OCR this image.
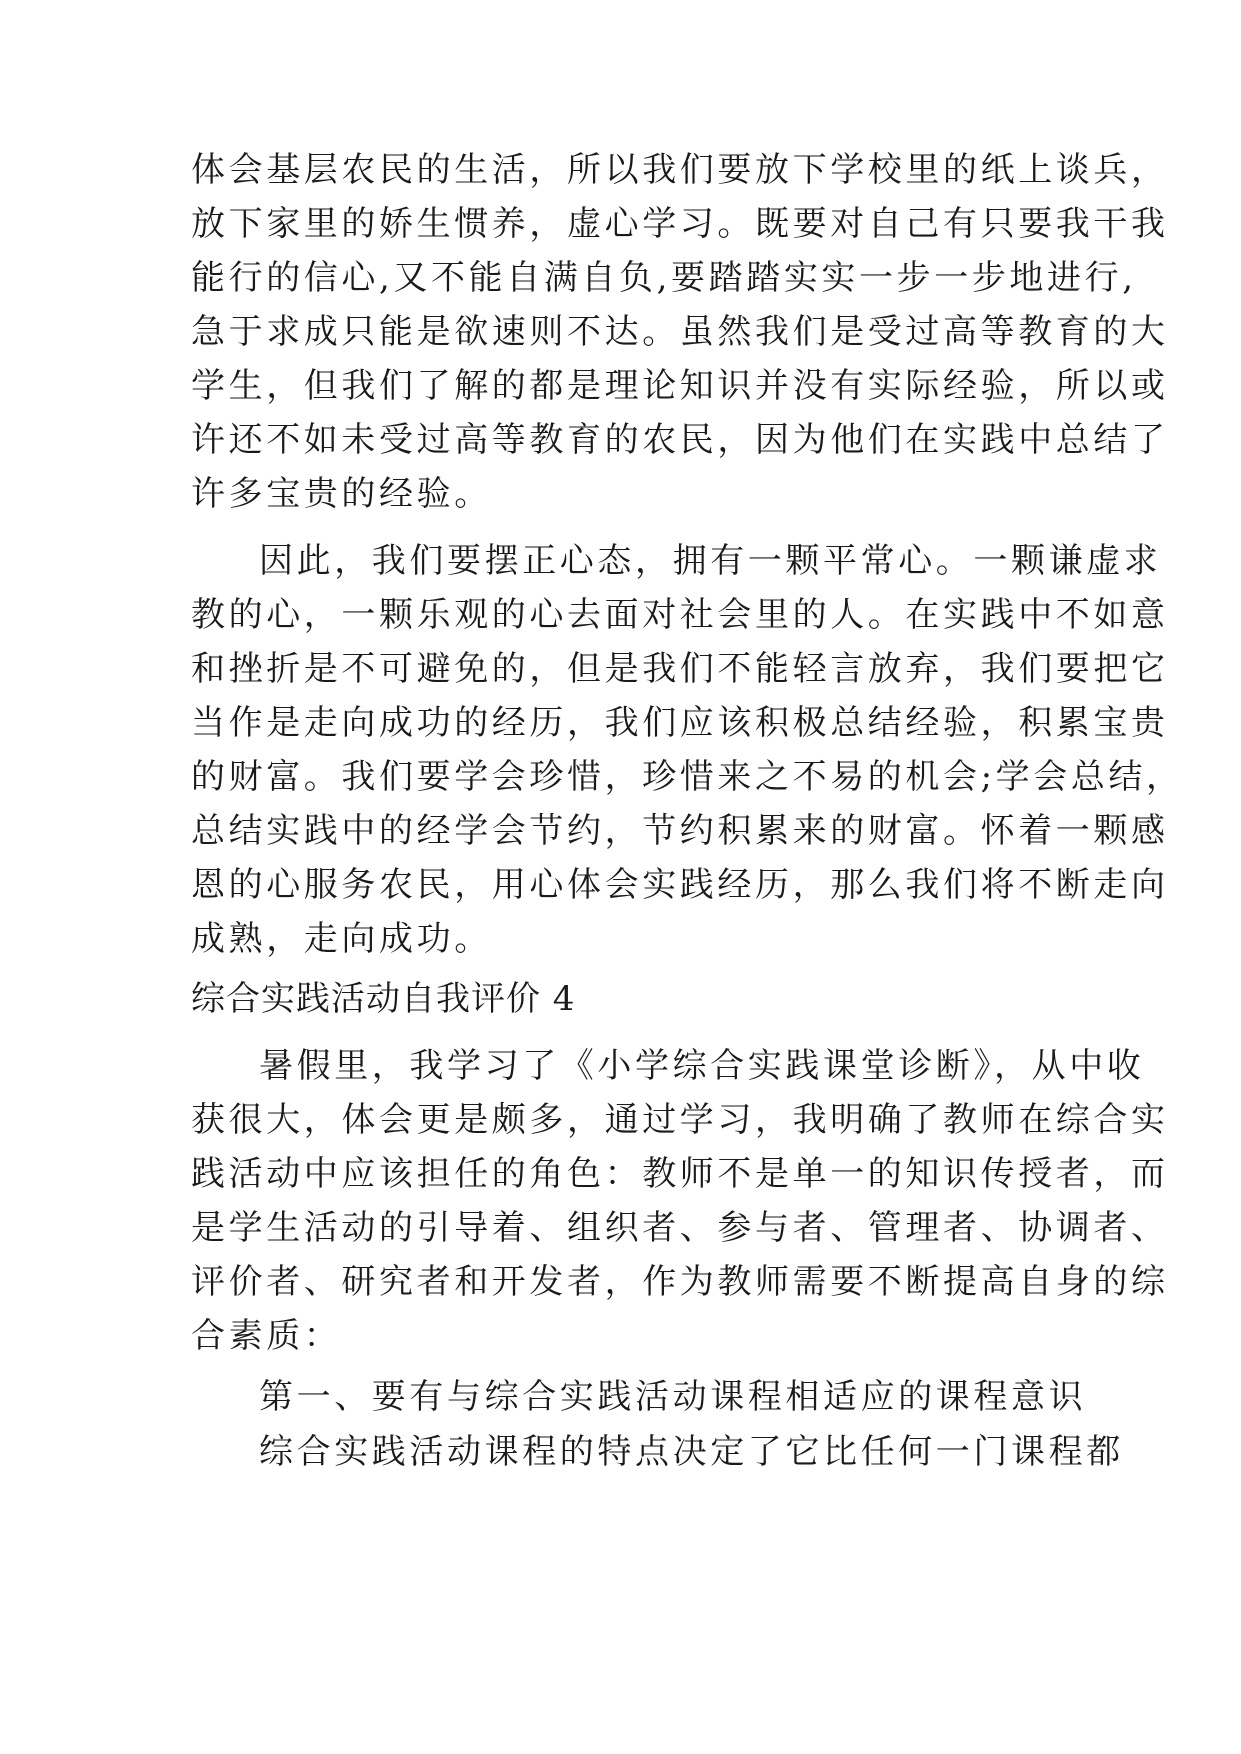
体会基层农民的生活，所以我们要放下学校里的纸上谈兵，
放下家里的娇生惯养，虚心学习。既要对自己有只要我干我
能行的信心,又不能自满自负,要踏踏实实一步一步地进行,
急于求成只能是欲速则不达。虽然我们是受过高等教育的大
学生，但我们了解的都是理论知识并没有实际经验，所以或
许还不如未受过高等教育的农民，因为他们在实践中总结了
许多宝贵的经验。
因此，我们要摆正心态，拥有一颗平常心。一颗谦虚求
教的心，一颗乐观的心去面对社会里的人。在实践中不如意
和挫折是不可避免的，但是我们不能轻言放弃，我们要把它
当作是走向成功的经历，我们应该积极总结经验，积累宝贵
的财富。我们要学会珍惜，珍惜来之不易的机会;学会总结，
总结实践中的经学会节约，节约积累来的财富。怀着一颗感
恩的心服务农民，用心体会实践经历，那么我们将不断走向
成熟，走向成功。
综合实践活动自我评价 4
暑假里，我学习了《小学综合实践课堂诊断》，从中收
获很大，体会更是颇多，通过学习，我明确了教师在综合实
践活动中应该担任的角色：教师不是单一的知识传授者，而
是学生活动的引导着、组织者、参与者、管理者、协调者、
评价者、研究者和开发者，作为教师需要不断提高自身的综
合素质：
第一、要有与综合实践活动课程相适应的课程意识
综合实践活动课程的特点决定了它比任何一门课程都
